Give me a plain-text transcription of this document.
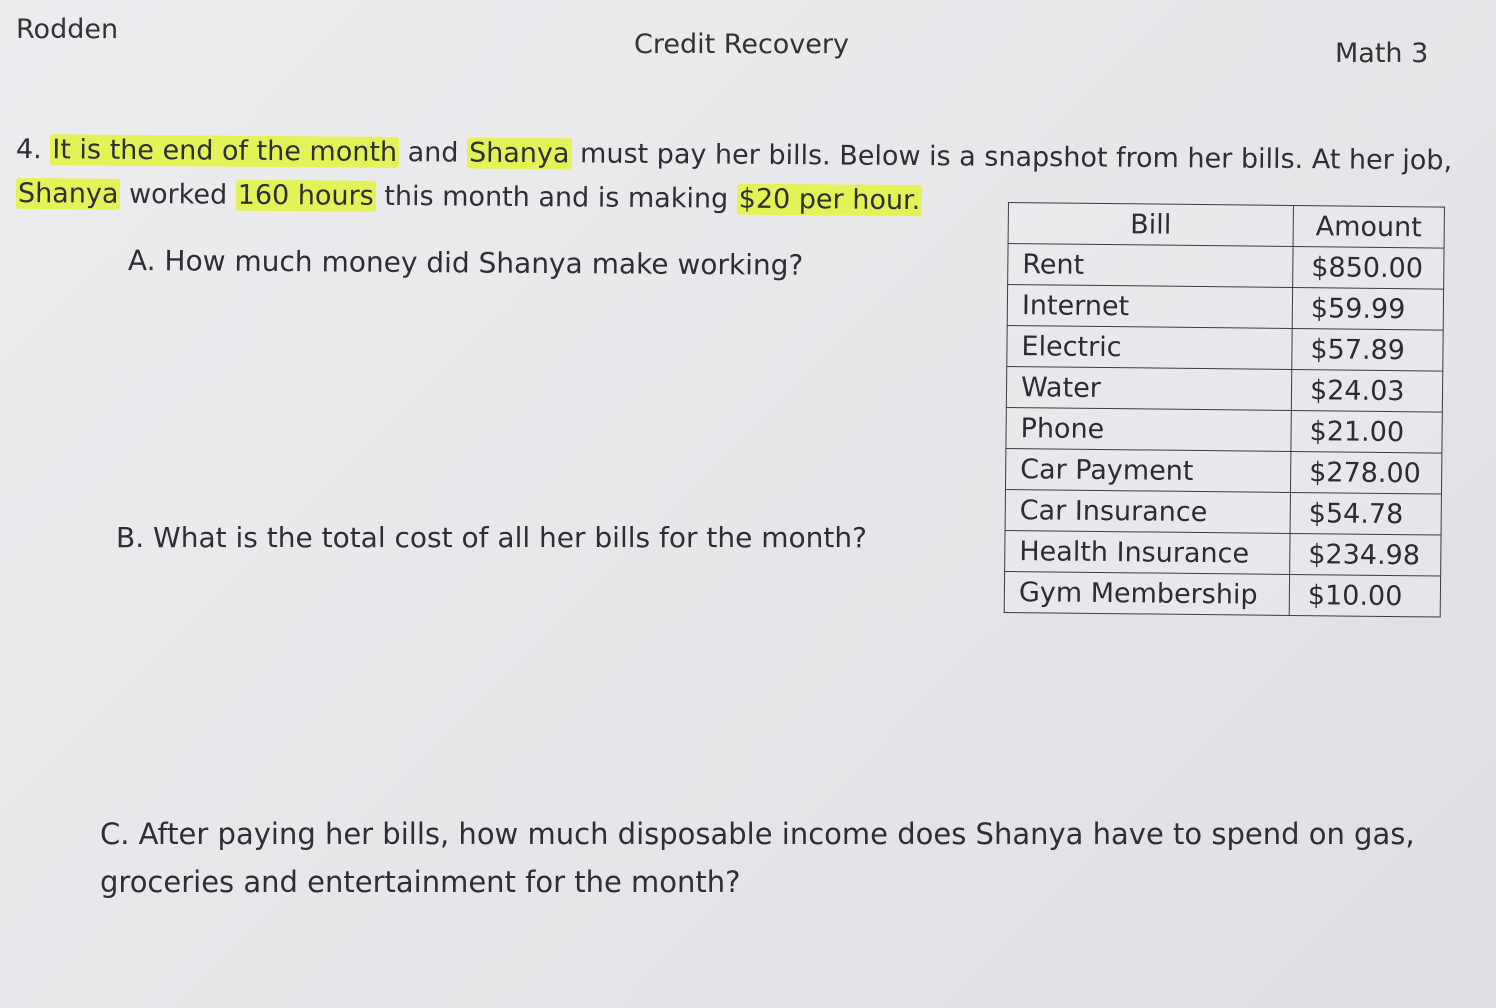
Rodden	Credit Recovery	Math 3
4. It is the end of the month and Shanya must pay her bills. Below is a snapshot from her bills. At her job,
Shanya worked 160 hours this month and is making $20 per hour.
A. How much money did Shanya make working?
B. What is the total cost of all her bills for the month?
C. After paying her bills, how much disposable income does Shanya have to spend on gas, groceries and entertainment for the month?
Bill	Amount
Rent	$850.00
Internet	$59.99
Electric	$57.89
Water	$24.03
Phone	$21.00
Car Payment	$278.00
Car Insurance	$54.78
Health Insurance	$234.98
Gym Membership	$10.00
